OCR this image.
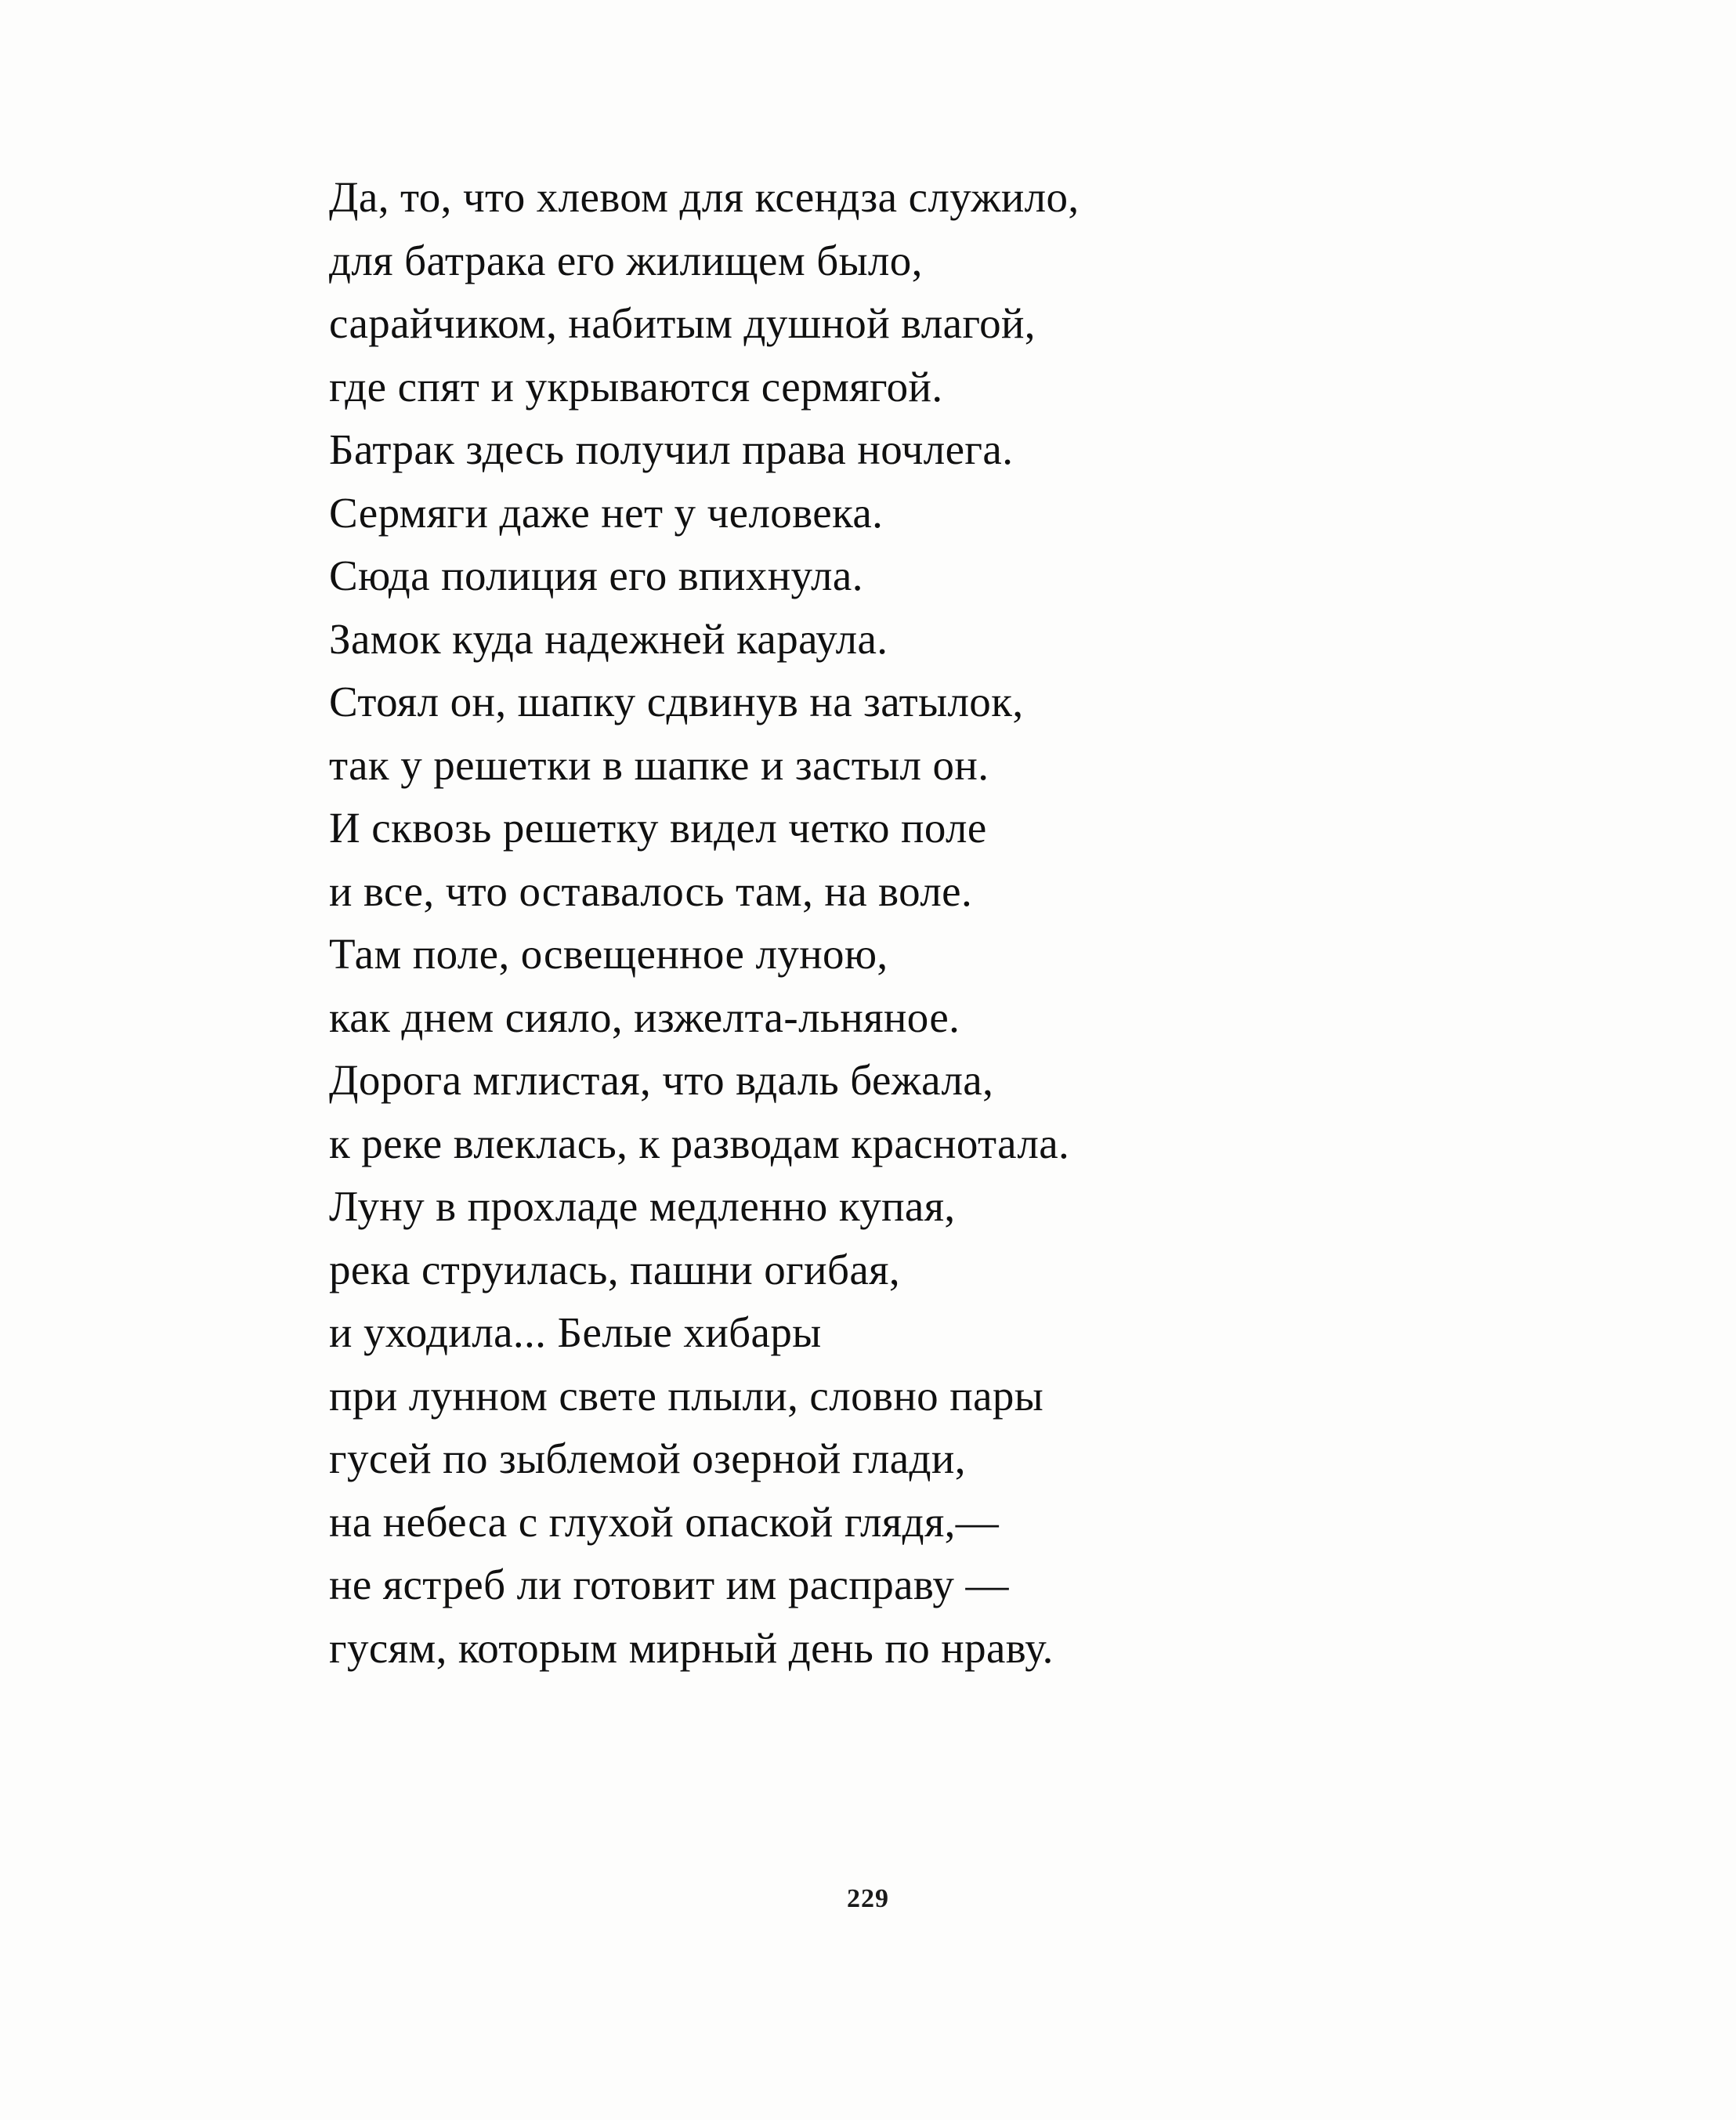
Да, то, что хлевом для ксендза служило,
для батрака его жилищем было,
сарайчиком, набитым душной влагой,
где спят и укрываются сермягой.
Батрак здесь получил права ночлега.
Сермяги даже нет у человека.
Сюда полиция его впихнула.
Замок куда надежней караула.
Стоял он, шапку сдвинув на затылок,
так у решетки в шапке и застыл он.
И сквозь решетку видел четко поле
и все, что оставалось там, на воле.
Там поле, освещенное луною,
как днем сияло, изжелта-льняное.
Дорога мглистая, что вдаль бежала,
к реке влеклась, к разводам краснотала.
Луну в прохладе медленно купая,
река струилась, пашни огибая,
и уходила... Белые хибары
при лунном свете плыли, словно пары
гусей по зыблемой озерной глади,
на небеса с глухой опаской глядя,—
не ястреб ли готовит им расправу —
гусям, которым мирный день по нраву.
229
